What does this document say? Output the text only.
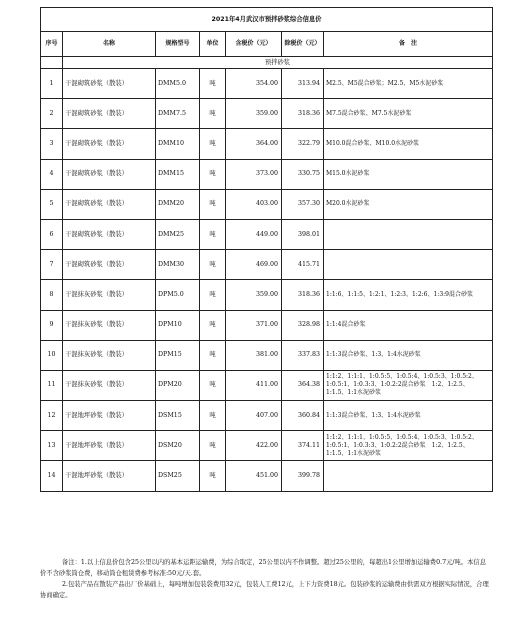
2021年4月武汉市预拌砂浆综合信息价						
序号	名称	规格型号	单位	含税价（元）	除税价（元）	备　注
	预拌砂浆					
1	干混砌筑砂浆（散装）	DMM5.0	吨	354.00	313.94	M2.5、M5混合砂浆；M2.5、M5水泥砂浆
2	干混砌筑砂浆（散装）	DMM7.5	吨	359.00	318.36	M7.5混合砂浆、M7.5水泥砂浆
3	干混砌筑砂浆（散装）	DMM10	吨	364.00	322.79	M10.0混合砂浆、M10.0水泥砂浆
4	干混砌筑砂浆（散装）	DMM15	吨	373.00	330.75	M15.0水泥砂浆
5	干混砌筑砂浆（散装）	DMM20	吨	403.00	357.30	M20.0水泥砂浆
6	干混砌筑砂浆（散装）	DMM25	吨	449.00	398.01	
7	干混砌筑砂浆（散装）	DMM30	吨	469.00	415.71	
8	干混抹灰砂浆（散装）	DPM5.0	吨	359.00	318.36	1:1:6、1:1:5、1:2:1、1:2:3、1:2:6、1:3:9混合砂浆
9	干混抹灰砂浆（散装）	DPM10	吨	371.00	328.98	1:1:4混合砂浆
10	干混抹灰砂浆（散装）	DPM15	吨	381.00	337.83	1:1:3混合砂浆、1:3、1:4水泥砂浆
11	干混抹灰砂浆（散装）	DPM20	吨	411.00	364.38	1:1:2、1:1:1、1:0.5:5、1:0.5:4、1:0.5:3、1:0.5:2、1:0.5:1、1:0.3:3、1:0.2:2混合砂浆　1:2、1:2.5、1:1.5、1:1水泥砂浆
12	干混地坪砂浆（散装）	DSM15	吨	407.00	360.84	1:1:3混合砂浆、1:3、1:4水泥砂浆
13	干混地坪砂浆（散装）	DSM20	吨	422.00	374.11	1:1:2、1:1:1、1:0.5:5、1:0.5:4、1:0.5:3、1:0.5:2、1:0.5:1、1:0.3:3、1:0.2:2混合砂浆　1:2、1:2.5、1:1.5、1:1水泥砂浆
14	干混地坪砂浆（散装）	DSM25	吨	451.00	399.78	

备注：1.以上信息价包含25公里以内的基本运距运输费，为综合取定，25公里以内不作调整。超过25公里的，每超出1公里增加运输费0.7元/吨。本信息价不含砂浆筒仓费，移动筒仓租赁费参考标准:50元/天.套。

2.包装产品在散装产品出厂价基础上，每吨增加包装袋费用32元，包装人工费12元，上下力资费18元。包装砂浆的运输费由供需双方根据实际情况，合理协商确定。
